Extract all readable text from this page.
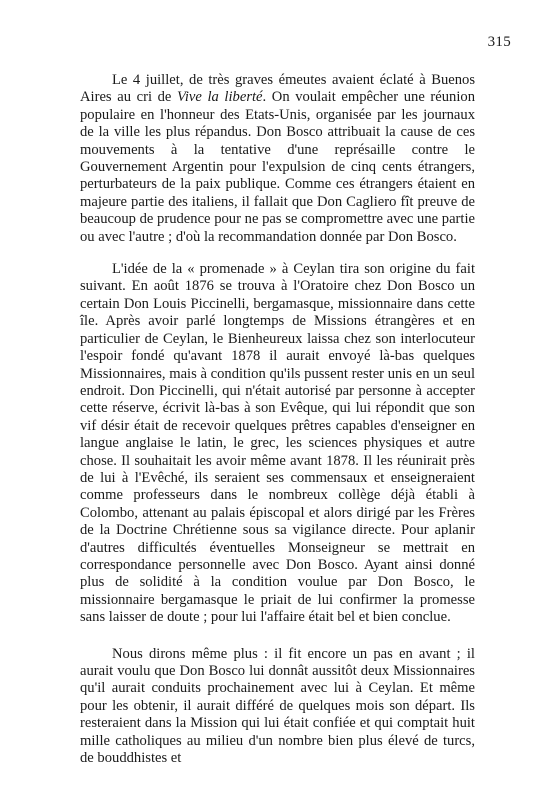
315

Le 4 juillet, de très graves émeutes avaient éclaté à Buenos Aires au cri de Vive la liberté. On voulait empêcher une réunion populaire en l'honneur des Etats-Unis, organisée par les journaux de la ville les plus répandus. Don Bosco attribuait la cause de ces mouvements à la tentative d'une représaille contre le Gouvernement Argentin pour l'expulsion de cinq cents étrangers, perturbateurs de la paix publique. Comme ces étrangers étaient en majeure partie des italiens, il fallait que Don Cagliero fît preuve de beaucoup de prudence pour ne pas se compromettre avec une partie ou avec l'autre ; d'où la recommandation donnée par Don Bosco.

L'idée de la « promenade » à Ceylan tira son origine du fait suivant. En août 1876 se trouva à l'Oratoire chez Don Bosco un certain Don Louis Piccinelli, bergamasque, missionnaire dans cette île. Après avoir parlé longtemps de Missions étrangères et en particulier de Ceylan, le Bienheureux laissa chez son interlocuteur l'espoir fondé qu'avant 1878 il aurait envoyé là-bas quelques Missionnaires, mais à condition qu'ils pussent rester unis en un seul endroit. Don Piccinelli, qui n'était autorisé par personne à accepter cette réserve, écrivit là-bas à son Evêque, qui lui répondit que son vif désir était de recevoir quelques prêtres capables d'enseigner en langue anglaise le latin, le grec, les sciences physiques et autre chose. Il souhaitait les avoir même avant 1878. Il les réunirait près de lui à l'Evêché, ils seraient ses commensaux et enseigneraient comme professeurs dans le nombreux collège déjà établi à Colombo, attenant au palais épiscopal et alors dirigé par les Frères de la Doctrine Chrétienne sous sa vigilance directe. Pour aplanir d'autres difficultés éventuelles Monseigneur se mettrait en correspondance personnelle avec Don Bosco. Ayant ainsi donné plus de solidité à la condition voulue par Don Bosco, le missionnaire bergamasque le priait de lui confirmer la promesse sans laisser de doute ; pour lui l'affaire était bel et bien conclue.

Nous dirons même plus : il fit encore un pas en avant ; il aurait voulu que Don Bosco lui donnât aussitôt deux Missionnaires qu'il aurait conduits prochainement avec lui à Ceylan. Et même pour les obtenir, il aurait différé de quelques mois son départ. Ils resteraient dans la Mission qui lui était confiée et qui comptait huit mille catholiques au milieu d'un nombre bien plus élevé de turcs, de bouddhistes et
